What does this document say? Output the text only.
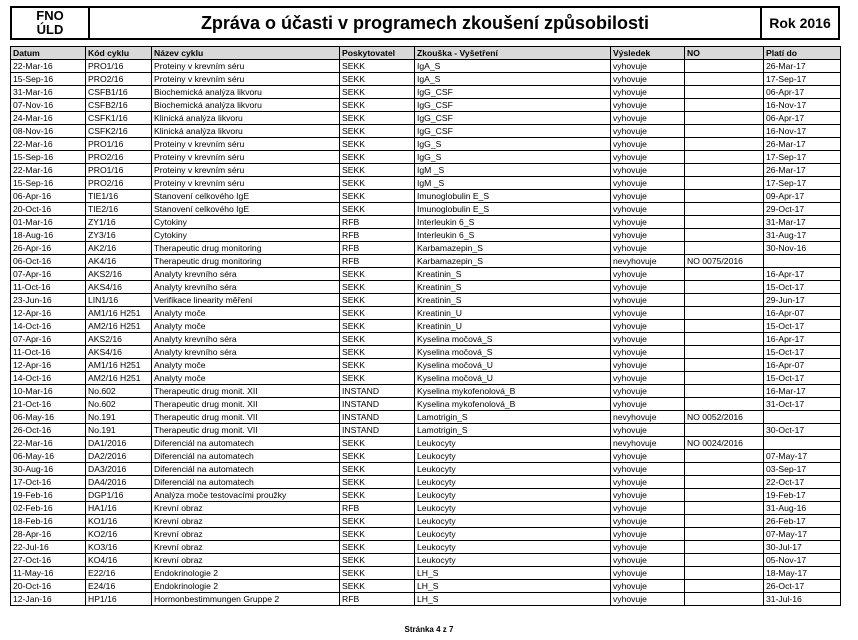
FNO
ÚLD	Zpráva o účasti v programech zkoušení způsobilosti	Rok 2016
Datum	Kód cyklu	Název cyklu	Poskytovatel	Zkouška - Vyšetření	Výsledek	NO	Platí do
22-Mar-16	PRO1/16	Proteiny v krevním séru	SEKK	IgA_S	vyhovuje		26-Mar-17
15-Sep-16	PRO2/16	Proteiny v krevním séru	SEKK	IgA_S	vyhovuje		17-Sep-17
31-Mar-16	CSFB1/16	Biochemická analýza likvoru	SEKK	IgG_CSF	vyhovuje		06-Apr-17
07-Nov-16	CSFB2/16	Biochemická analýza likvoru	SEKK	IgG_CSF	vyhovuje		16-Nov-17
24-Mar-16	CSFK1/16	Klinická analýza likvoru	SEKK	IgG_CSF	vyhovuje		06-Apr-17
08-Nov-16	CSFK2/16	Klinická analýza likvoru	SEKK	IgG_CSF	vyhovuje		16-Nov-17
22-Mar-16	PRO1/16	Proteiny v krevním séru	SEKK	IgG_S	vyhovuje		26-Mar-17
15-Sep-16	PRO2/16	Proteiny v krevním séru	SEKK	IgG_S	vyhovuje		17-Sep-17
22-Mar-16	PRO1/16	Proteiny v krevním séru	SEKK	IgM _S	vyhovuje		26-Mar-17
15-Sep-16	PRO2/16	Proteiny v krevním séru	SEKK	IgM _S	vyhovuje		17-Sep-17
06-Apr-16	TIE1/16	Stanovení celkového IgE	SEKK	Imunoglobulin E_S	vyhovuje		09-Apr-17
20-Oct-16	TIE2/16	Stanovení celkového IgE	SEKK	Imunoglobulin E_S	vyhovuje		29-Oct-17
01-Mar-16	ZY1/16	Cytokiny	RFB	Interleukin 6_S	vyhovuje		31-Mar-17
18-Aug-16	ZY3/16	Cytokiny	RFB	Interleukin 6_S	vyhovuje		31-Aug-17
26-Apr-16	AK2/16	Therapeutic drug monitoring	RFB	Karbamazepin_S	vyhovuje		30-Nov-16
06-Oct-16	AK4/16	Therapeutic drug monitoring	RFB	Karbamazepin_S	nevyhovuje	NO 0075/2016	
07-Apr-16	AKS2/16	Analyty krevního séra	SEKK	Kreatinin_S	vyhovuje		16-Apr-17
11-Oct-16	AKS4/16	Analyty krevního séra	SEKK	Kreatinin_S	vyhovuje		15-Oct-17
23-Jun-16	LIN1/16	Verifikace linearity měření	SEKK	Kreatinin_S	vyhovuje		29-Jun-17
12-Apr-16	AM1/16 H251	Analyty moče	SEKK	Kreatinin_U	vyhovuje		16-Apr-07
14-Oct-16	AM2/16 H251	Analyty moče	SEKK	Kreatinin_U	vyhovuje		15-Oct-17
07-Apr-16	AKS2/16	Analyty krevního séra	SEKK	Kyselina močová_S	vyhovuje		16-Apr-17
11-Oct-16	AKS4/16	Analyty krevního séra	SEKK	Kyselina močová_S	vyhovuje		15-Oct-17
12-Apr-16	AM1/16 H251	Analyty moče	SEKK	Kyselina močová_U	vyhovuje		16-Apr-07
14-Oct-16	AM2/16 H251	Analyty moče	SEKK	Kyselina močová_U	vyhovuje		15-Oct-17
10-Mar-16	No.602	Therapeutic drug monit. XII	INSTAND	Kyselina mykofenolová_B	vyhovuje		16-Mar-17
21-Oct-16	No.602	Therapeutic drug monit. XII	INSTAND	Kyselina mykofenolová_B	vyhovuje		31-Oct-17
06-May-16	No.191	Therapeutic drug monit. VII	INSTAND	Lamotrigin_S	nevyhovuje	NO 0052/2016	
26-Oct-16	No.191	Therapeutic drug monit. VII	INSTAND	Lamotrigin_S	vyhovuje		30-Oct-17
22-Mar-16	DA1/2016	Diferenciál na automatech	SEKK	Leukocyty	nevyhovuje	NO 0024/2016	
06-May-16	DA2/2016	Diferenciál na automatech	SEKK	Leukocyty	vyhovuje		07-May-17
30-Aug-16	DA3/2016	Diferenciál na automatech	SEKK	Leukocyty	vyhovuje		03-Sep-17
17-Oct-16	DA4/2016	Diferenciál na automatech	SEKK	Leukocyty	vyhovuje		22-Oct-17
19-Feb-16	DGP1/16	Analýza moče testovacími proužky	SEKK	Leukocyty	vyhovuje		19-Feb-17
02-Feb-16	HA1/16	Krevní obraz	RFB	Leukocyty	vyhovuje		31-Aug-16
18-Feb-16	KO1/16	Krevní obraz	SEKK	Leukocyty	vyhovuje		26-Feb-17
28-Apr-16	KO2/16	Krevní obraz	SEKK	Leukocyty	vyhovuje		07-May-17
22-Jul-16	KO3/16	Krevní obraz	SEKK	Leukocyty	vyhovuje		30-Jul-17
27-Oct-16	KO4/16	Krevní obraz	SEKK	Leukocyty	vyhovuje		05-Nov-17
11-May-16	E22/16	Endokrinologie 2	SEKK	LH_S	vyhovuje		18-May-17
20-Oct-16	E24/16	Endokrinologie 2	SEKK	LH_S	vyhovuje		26-Oct-17
12-Jan-16	HP1/16	Hormonbestimmungen Gruppe 2	RFB	LH_S	vyhovuje		31-Jul-16
Stránka 4 z 7
